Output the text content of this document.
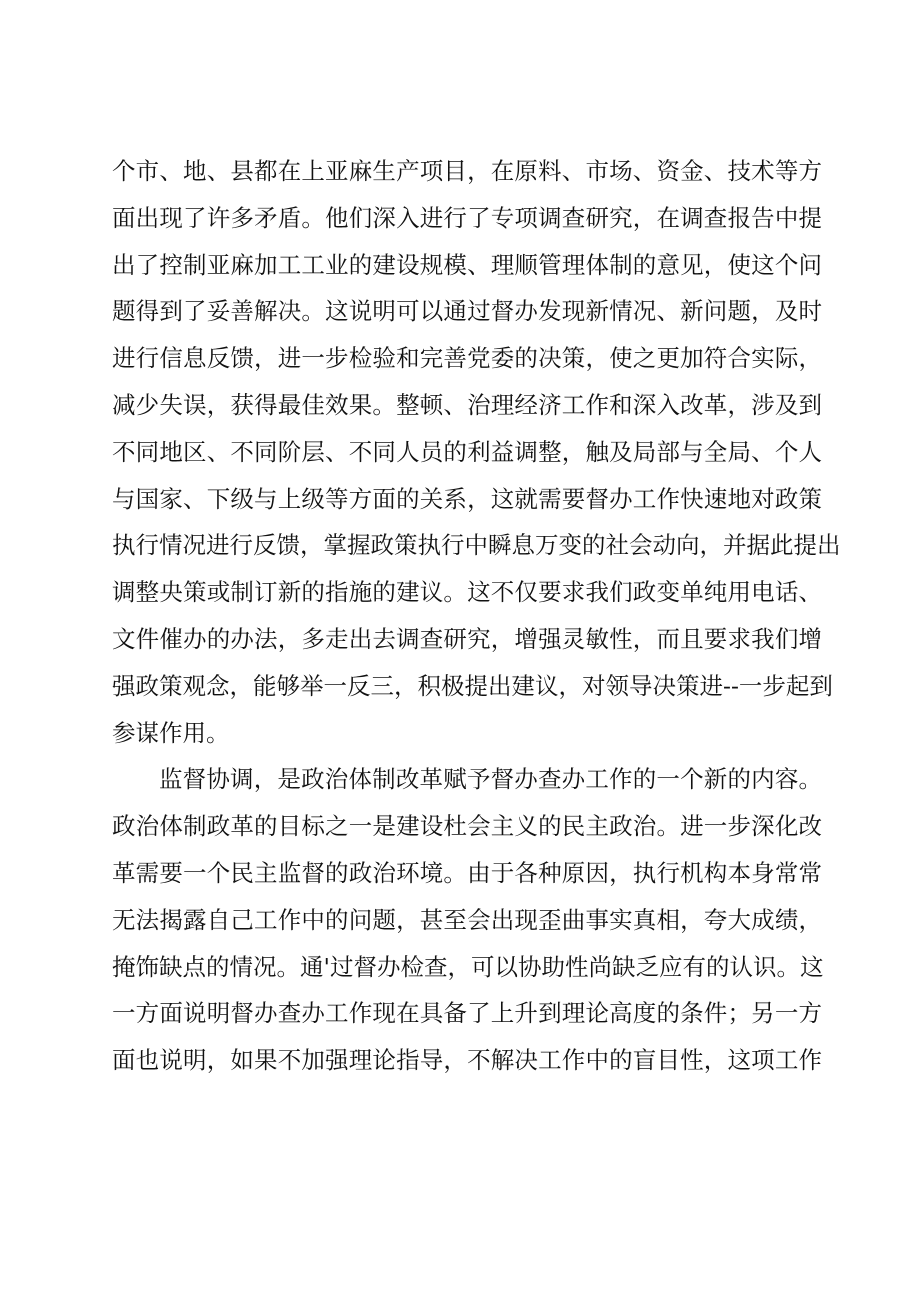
个市、地、县都在上亚麻生产项目，在原料、市场、资金、技术等方
面出现了许多矛盾。他们深入进行了专项调查研究，在调查报告中提
出了控制亚麻加工工业的建设规模、理顺管理体制的意见，使这个问
题得到了妥善解决。这说明可以通过督办发现新情况、新问题，及时
进行信息反馈，进一步检验和完善党委的决策，使之更加符合实际，
减少失误，获得最佳效果。整顿、治理经济工作和深入改革，涉及到
不同地区、不同阶层、不同人员的利益调整，触及局部与全局、个人
与国家、下级与上级等方面的关系，这就需要督办工作快速地对政策
执行情况进行反馈，掌握政策执行中瞬息万变的社会动向，并据此提出
调整央策或制订新的指施的建议。这不仅要求我们政变单纯用电话、
文件催办的办法，多走出去调查研究，增强灵敏性，而且要求我们增
强政策观念，能够举一反三，积极提出建议，对领导决策进--一步起到
参谋作用。
监督协调，是政治体制改革赋予督办查办工作的一个新的内容。
政治体制政革的目标之一是建设杜会主义的民主政治。进一步深化改
革需要一个民主监督的政治环境。由于各种原因，执行机构本身常常
无法揭露自己工作中的问题，甚至会出现歪曲事实真相，夸大成绩，
掩饰缺点的情况。通'过督办检查，可以协助性尚缺乏应有的认识。这
一方面说明督办查办工作现在具备了上升到理论高度的条件；另一方
面也说明，如果不加强理论指导，不解决工作中的盲目性，这项工作
